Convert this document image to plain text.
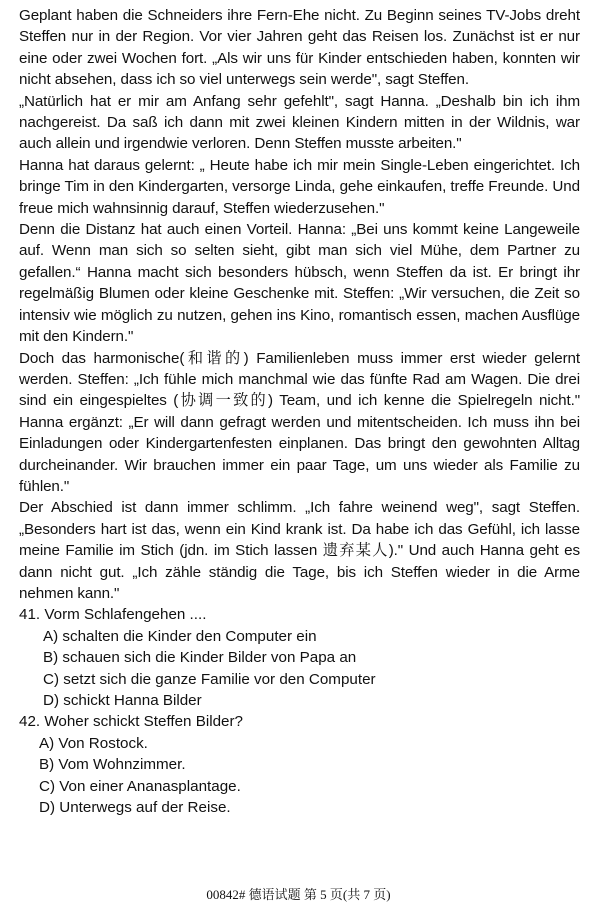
Geplant haben die Schneiders ihre Fern-Ehe nicht. Zu Beginn seines TV-Jobs dreht Steffen nur in der Region. Vor vier Jahren geht das Reisen los. Zunächst ist er nur eine oder zwei Wochen fort. „Als wir uns für Kinder entschieden haben, konnten wir nicht absehen, dass ich so viel unterwegs sein werde", sagt Steffen.

„Natürlich hat er mir am Anfang sehr gefehlt", sagt Hanna. „Deshalb bin ich ihm nachgereist. Da saß ich dann mit zwei kleinen Kindern mitten in der Wildnis, war auch allein und irgendwie verloren. Denn Steffen musste arbeiten."

Hanna hat daraus gelernt: „ Heute habe ich mir mein Single-Leben eingerichtet. Ich bringe Tim in den Kindergarten, versorge Linda, gehe einkaufen, treffe Freunde. Und freue mich wahnsinnig darauf, Steffen wiederzusehen."

Denn die Distanz hat auch einen Vorteil. Hanna: „Bei uns kommt keine Langeweile auf. Wenn man sich so selten sieht, gibt man sich viel Mühe, dem Partner zu gefallen.“ Hanna macht sich besonders hübsch, wenn Steffen da ist. Er bringt ihr regelmäßig Blumen oder kleine Geschenke mit. Steffen: „Wir versuchen, die Zeit so intensiv wie möglich zu nutzen, gehen ins Kino, romantisch essen, machen Ausflüge mit den Kindern."

Doch das harmonische(和谐的) Familienleben muss immer erst wieder gelernt werden. Steffen: „Ich fühle mich manchmal wie das fünfte Rad am Wagen. Die drei sind ein eingespieltes (协调一致的) Team, und ich kenne die Spielregeln nicht." Hanna ergänzt: „Er will dann gefragt werden und mitentscheiden. Ich muss ihn bei Einladungen oder Kindergartenfesten einplanen. Das bringt den gewohnten Alltag durcheinander. Wir brauchen immer ein paar Tage, um uns wieder als Familie zu fühlen."

Der Abschied ist dann immer schlimm. „Ich fahre weinend weg", sagt Steffen. „Besonders hart ist das, wenn ein Kind krank ist. Da habe ich das Gefühl, ich lasse meine Familie im Stich (jdn. im Stich lassen 遗弃某人)." Und auch Hanna geht es dann nicht gut. „Ich zähle ständig die Tage, bis ich Steffen wieder in die Arme nehmen kann."

41. Vorm Schlafengehen ....

A) schalten die Kinder den Computer ein

B) schauen sich die Kinder Bilder von Papa an

C) setzt sich die ganze Familie vor den Computer

D) schickt Hanna Bilder

42. Woher schickt Steffen Bilder?

A) Von Rostock.

B) Vom Wohnzimmer.

C) Von einer Ananasplantage.

D) Unterwegs auf der Reise.

00842# 德语试题 第 5 页(共 7 页)
